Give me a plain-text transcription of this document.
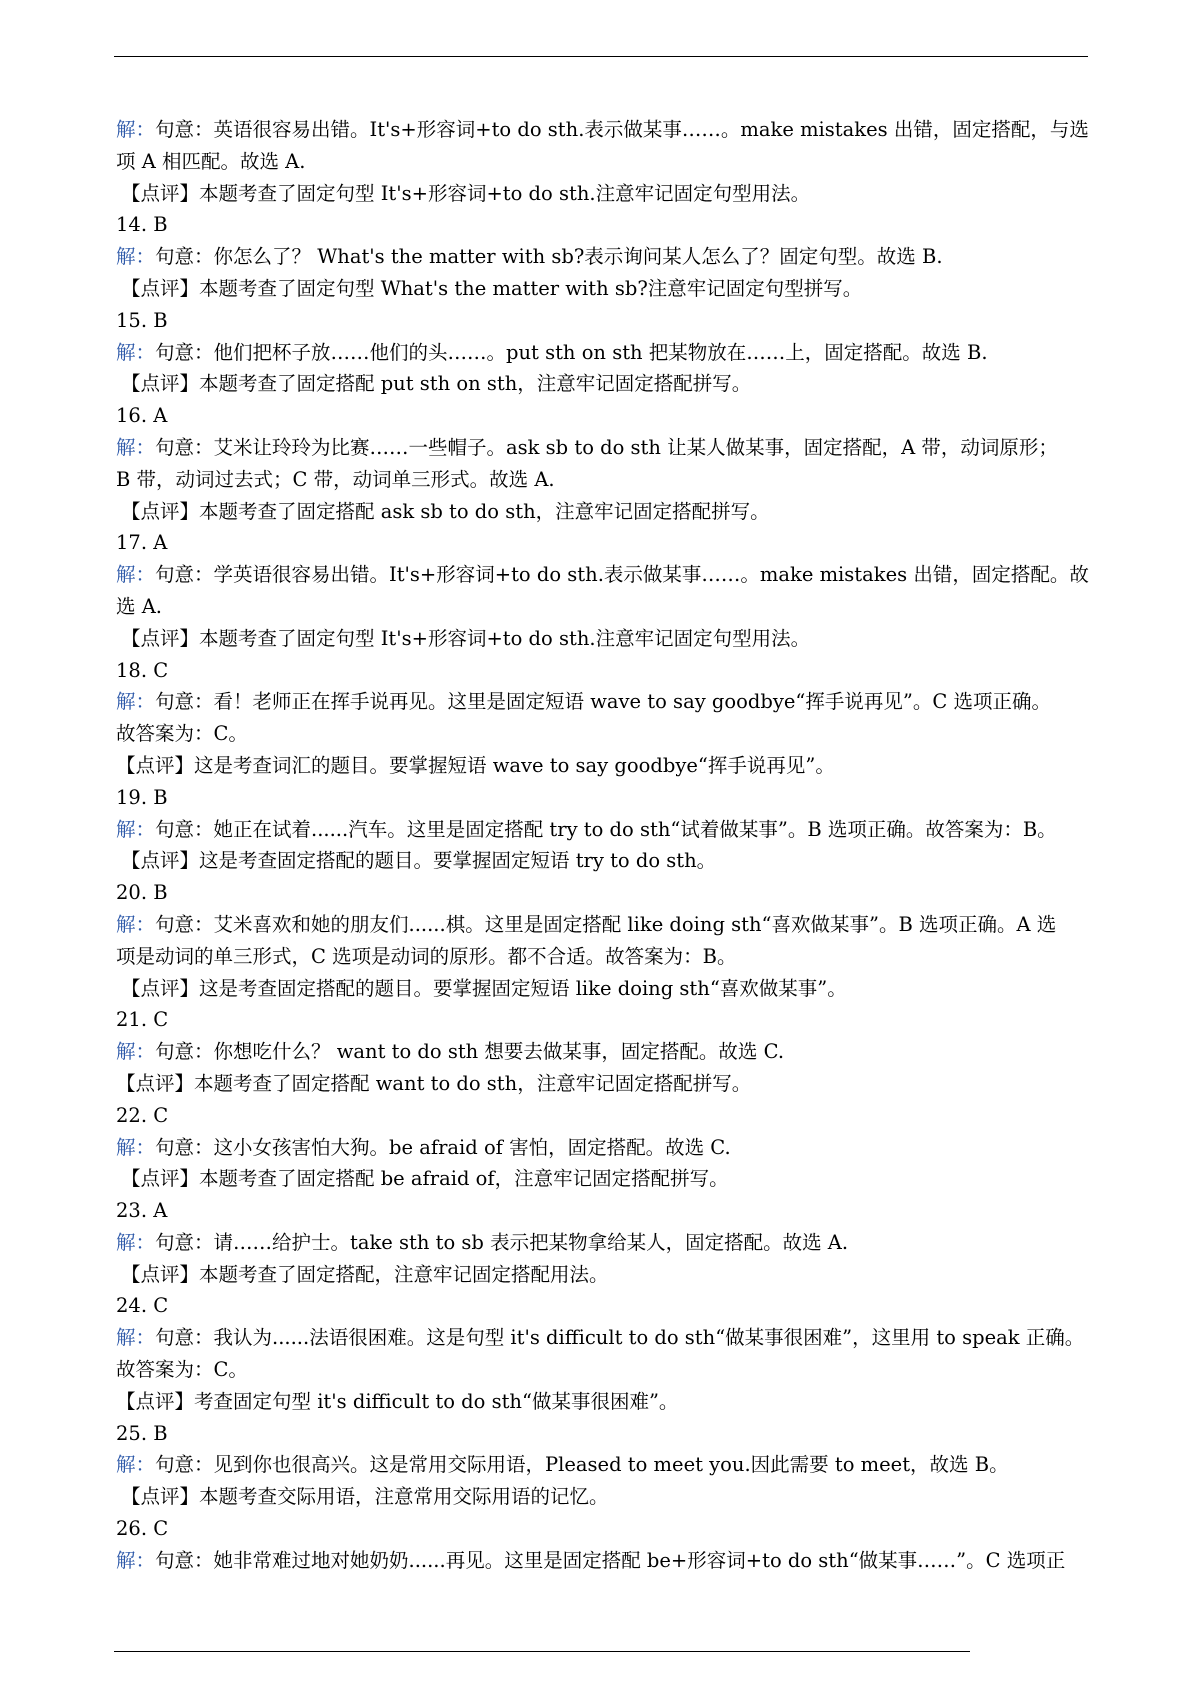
解：句意：英语很容易出错。It's+形容词+to do sth.表示做某事……。make mistakes 出错，固定搭配，与选
项 A 相匹配。故选 A.
【点评】本题考查了固定句型 It's+形容词+to do sth.注意牢记固定句型用法。
14. B
解：句意：你怎么了？ What's the matter with sb?表示询问某人怎么了？固定句型。故选 B.
【点评】本题考查了固定句型 What's the matter with sb?注意牢记固定句型拼写。
15. B
解：句意：他们把杯子放……他们的头……。put sth on sth 把某物放在……上，固定搭配。故选 B.
【点评】本题考查了固定搭配 put sth on sth，注意牢记固定搭配拼写。
16. A
解：句意：艾米让玲玲为比赛……一些帽子。ask sb to do sth 让某人做某事，固定搭配，A 带，动词原形；
B 带，动词过去式；C 带，动词单三形式。故选 A.
【点评】本题考查了固定搭配 ask sb to do sth，注意牢记固定搭配拼写。
17. A
解：句意：学英语很容易出错。It's+形容词+to do sth.表示做某事……。make mistakes 出错，固定搭配。故
选 A.
【点评】本题考查了固定句型 It's+形容词+to do sth.注意牢记固定句型用法。
18. C
解：句意：看！老师正在挥手说再见。这里是固定短语 wave to say goodbye“挥手说再见”。C 选项正确。
故答案为：C。
【点评】这是考查词汇的题目。要掌握短语 wave to say goodbye“挥手说再见”。
19. B
解：句意：她正在试着......汽车。这里是固定搭配 try to do sth“试着做某事”。B 选项正确。故答案为：B。
【点评】这是考查固定搭配的题目。要掌握固定短语 try to do sth。
20. B
解：句意：艾米喜欢和她的朋友们......棋。这里是固定搭配 like doing sth“喜欢做某事”。B 选项正确。A 选
项是动词的单三形式，C 选项是动词的原形。都不合适。故答案为：B。
【点评】这是考查固定搭配的题目。要掌握固定短语 like doing sth“喜欢做某事”。
21. C
解：句意：你想吃什么？ want to do sth 想要去做某事，固定搭配。故选 C.
【点评】本题考查了固定搭配 want to do sth，注意牢记固定搭配拼写。
22. C
解：句意：这小女孩害怕大狗。be afraid of 害怕，固定搭配。故选 C.
【点评】本题考查了固定搭配 be afraid of，注意牢记固定搭配拼写。
23. A
解：句意：请……给护士。take sth to sb 表示把某物拿给某人，固定搭配。故选 A.
【点评】本题考查了固定搭配，注意牢记固定搭配用法。
24. C
解：句意：我认为......法语很困难。这是句型 it's difficult to do sth“做某事很困难”，这里用 to speak 正确。
故答案为：C。
【点评】考查固定句型 it's difficult to do sth“做某事很困难”。
25. B
解：句意：见到你也很高兴。这是常用交际用语，Pleased to meet you.因此需要 to meet，故选 B。
【点评】本题考查交际用语，注意常用交际用语的记忆。
26. C
解：句意：她非常难过地对她奶奶......再见。这里是固定搭配 be+形容词+to do sth“做某事……”。C 选项正
